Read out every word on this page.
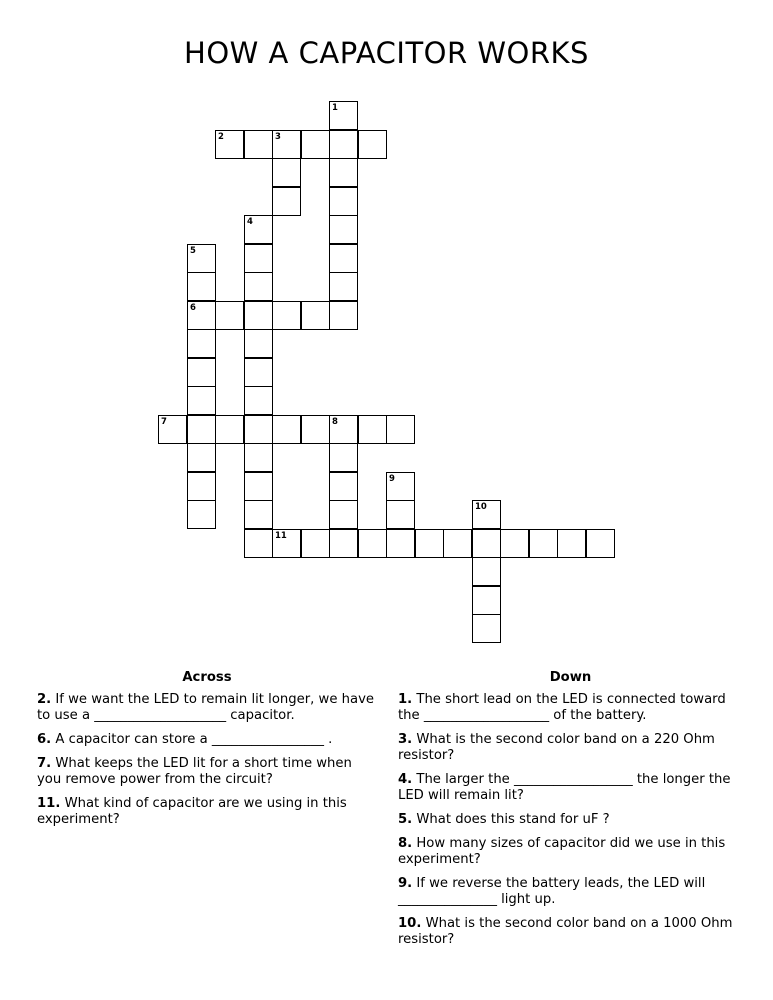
HOW A CAPACITOR WORKS
1
2	3
4
5
6
7	8
9
10
11
Across
2. If we want the LED to remain lit longer, we have to use a ____________________ capacitor.
6. A capacitor can store a _________________ .
7. What keeps the LED lit for a short time when you remove power from the circuit?
11. What kind of capacitor are we using in this experiment?
Down
1. The short lead on the LED is connected toward the ___________________ of the battery.
3. What is the second color band on a 220 Ohm resistor?
4. The larger the __________________ the longer the LED will remain lit?
5. What does this stand for uF ?
8. How many sizes of capacitor did we use in this experiment?
9. If we reverse the battery leads, the LED will _______________ light up.
10. What is the second color band on a 1000 Ohm resistor?
